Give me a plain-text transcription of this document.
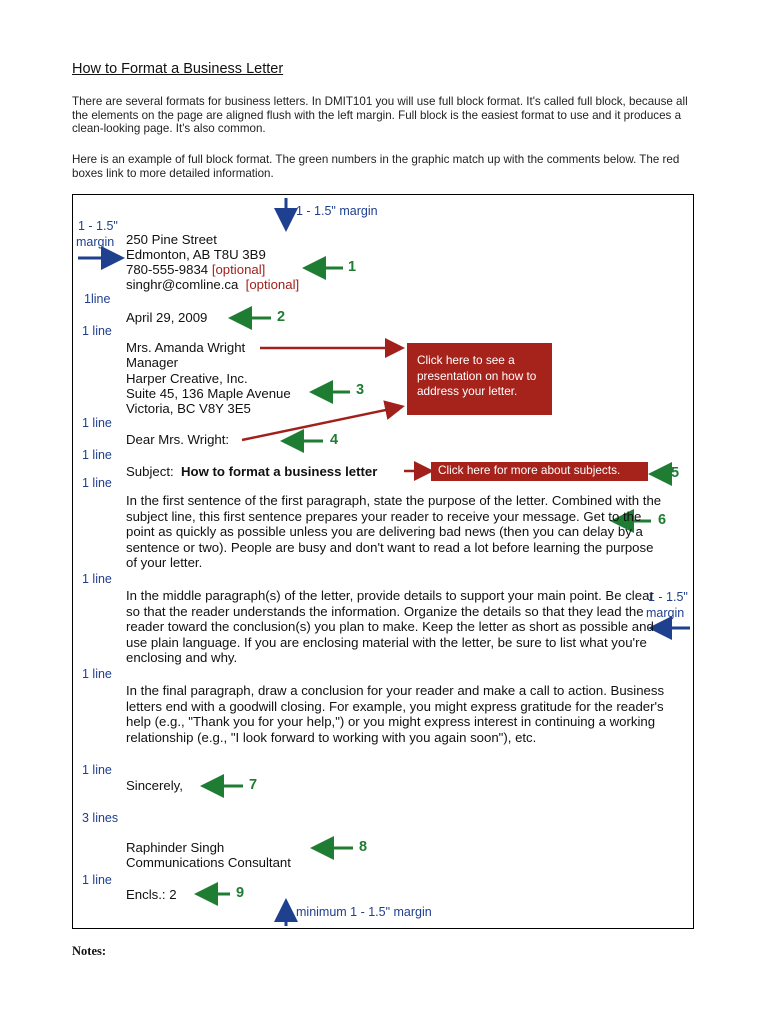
How to Format a Business Letter
There are several formats for business letters. In DMIT101 you will use full block format. It's called full block, because all the elements on the page are aligned flush with the left margin. Full block is the easiest format to use and it produces a clean-looking page. It's also common.
Here is an example of full block format. The green numbers in the graphic match up with the comments below. The red boxes link to more detailed information.
1 - 1.5" margin
1 - 1.5"
margin
1 - 1.5"
margin
minimum 1 - 1.5" margin
1line
1 line
1 line
1 line
1 line
1 line
1 line
1 line
3 lines
1 line
250 Pine Street
Edmonton, AB T8U 3B9
780-555-9834 [optional]
singhr@comline.ca [optional]
April 29, 2009
Mrs. Amanda Wright
Manager
Harper Creative, Inc.
Suite 45, 136 Maple Avenue
Victoria, BC V8Y 3E5
Dear Mrs. Wright:
Subject: How to format a business letter
In the first sentence of the first paragraph, state the purpose of the letter. Combined with the subject line, this first sentence prepares your reader to receive your message. Get to the point as quickly as possible unless you are delivering bad news (then you can delay by a sentence or two). People are busy and don't want to read a lot before learning the purpose of your letter.
In the middle paragraph(s) of the letter, provide details to support your main point. Be clear so that the reader understands the information. Organize the details so that they lead the reader toward the conclusion(s) you plan to make. Keep the letter as short as possible and use plain language. If you are enclosing material with the letter, be sure to list what you're enclosing and why.
In the final paragraph, draw a conclusion for your reader and make a call to action. Business letters end with a goodwill closing. For example, you might express gratitude for the reader's help (e.g., "Thank you for your help,") or you might express interest in continuing a working relationship (e.g., "I look forward to working with you again soon"), etc.
Sincerely,
Raphinder Singh
Communications Consultant
Encls.: 2
Click here to see a presentation on how to address your letter.
Click here for more about subjects.
1
2
3
4
5
6
7
8
9
Notes:
